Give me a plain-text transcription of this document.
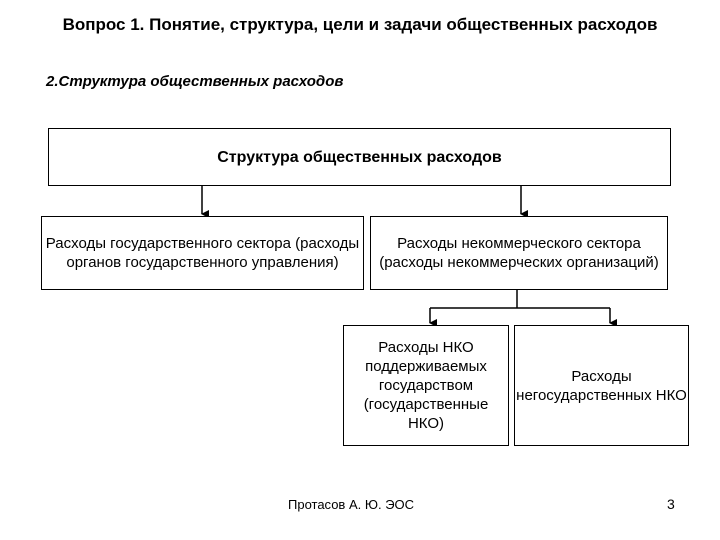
Вопрос 1. Понятие, структура, цели и задачи общественных расходов
2.Структура общественных расходов
Структура общественных расходов
Расходы государственного сектора (расходы органов государственного управления)
Расходы некоммерческого сектора (расходы некоммерческих организаций)
Расходы НКО поддерживаемых государством (государственные НКО)
Расходы негосударственных НКО
Протасов А. Ю. ЭОС	3
